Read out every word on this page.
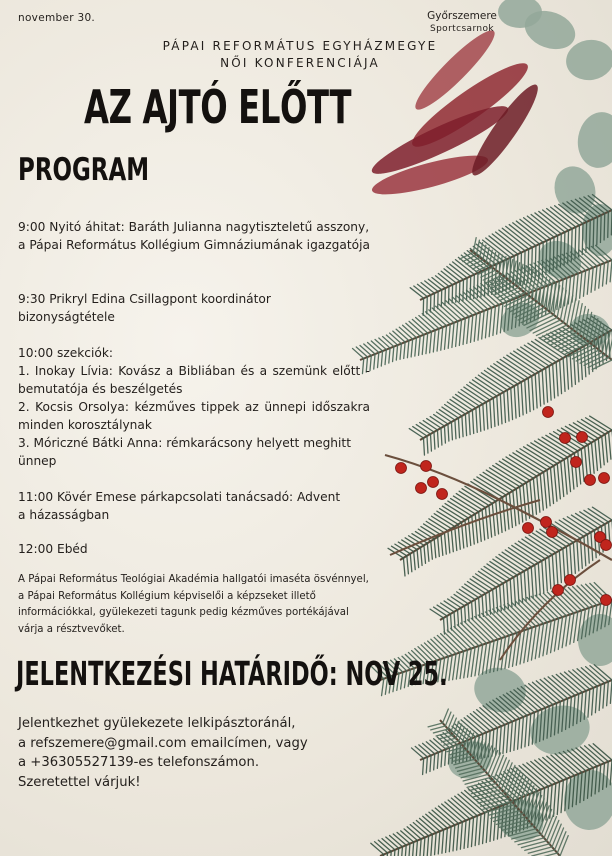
november 30.	Győrszemere
Sportcsarnok
PÁPAI REFORMÁTUS EGYHÁZMEGYE
NŐI KONFERENCIÁJA
AZ AJTÓ ELŐTT
PROGRAM
9:00 Nyitó áhitat: Baráth Julianna nagytiszteletű asszony, a Pápai Református Kollégium Gimnáziumának igazgatója
9:30 Prikryl Edina Csillagpont koordinátor bizonyságtétele
10:00 szekciók:
1. Inokay Lívia: Kovász a Bibliában és a szemünk előtt - bemutatója és beszélgetés
2. Kocsis Orsolya: kézműves tippek az ünnepi időszakra minden korosztálynak
3. Móriczné Bátki Anna: rémkarácsony helyett meghitt ünnep
11:00 Kövér Emese párkapcsolati tanácsadó: Advent a házasságban
12:00 Ebéd
A Pápai Református Teológiai Akadémia hallgatói imaséta ösvénnyel, a Pápai Református Kollégium képviselői a képzseket illető információkkal, gyülekezeti tagunk pedig kézműves portékájával várja a résztvevőket.
JELENTKEZÉSI HATÁRIDŐ: NOV 25.
Jelentkezhet gyülekezete lelkipásztoránál,
a refszemere@gmail.com emailcímen, vagy
a +36305527139-es telefonszámon.
Szeretettel várjuk!
